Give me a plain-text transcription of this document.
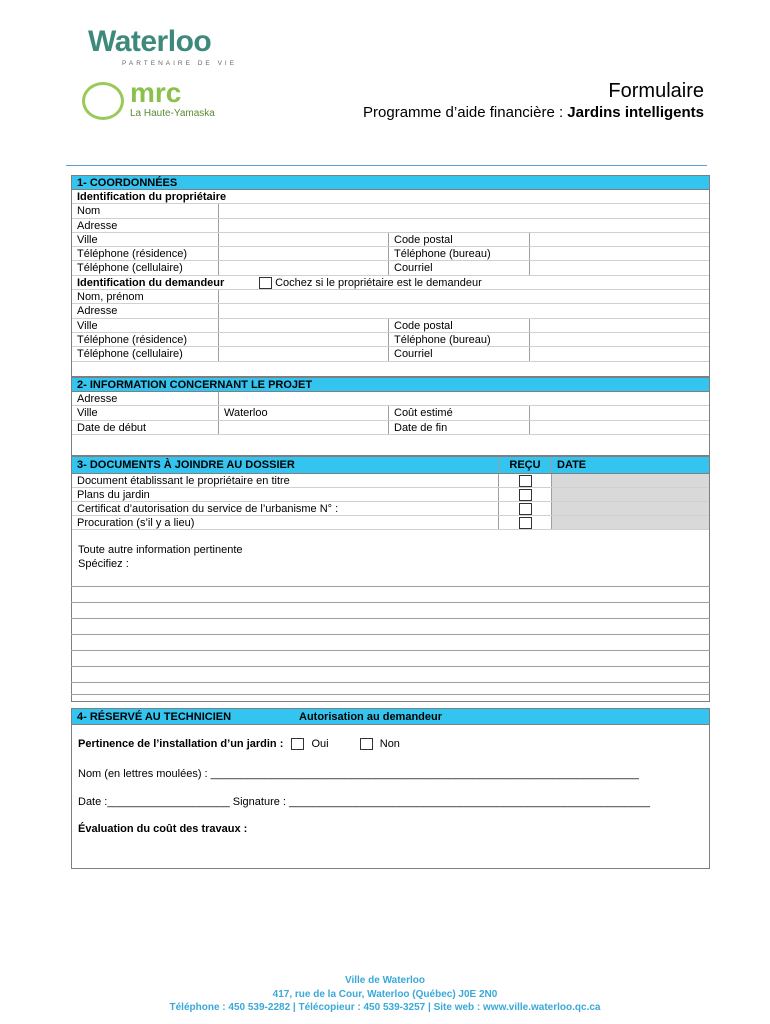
Waterloo
PARTENAIRE DE VIE
mrc
La Haute-Yamaska
Formulaire
Programme d’aide financière : Jardins intelligents
1- COORDONNÉES
Identification du propriétaire
Nom
Adresse
Ville	Code postal
Téléphone (résidence)	Téléphone (bureau)
Téléphone (cellulaire)	Courriel
Identification du demandeur	Cochez si le propriétaire est le demandeur
Nom, prénom
Adresse
Ville	Code postal
Téléphone (résidence)	Téléphone (bureau)
Téléphone (cellulaire)	Courriel
2- INFORMATION CONCERNANT LE PROJET
Adresse
Ville	Waterloo	Coût estimé
Date de début	Date de fin
3- DOCUMENTS À JOINDRE AU DOSSIER	REÇU	DATE
Document établissant le propriétaire en titre
Plans du jardin
Certificat d’autorisation du service de l’urbanisme N° :
Procuration (s’il y a lieu)
Toute autre information pertinente
Spécifiez :
4- RÉSERVÉ AU TECHNICIEN	Autorisation au demandeur
Pertinence de l’installation d’un jardin :	Oui	Non
Nom (en lettres moulées) : ______________________________________________________________________
Date :____________________ Signature : ___________________________________________________________
Évaluation du coût des travaux :
Ville de Waterloo
417, rue de la Cour, Waterloo (Québec) J0E 2N0
Téléphone : 450 539-2282 | Télécopieur : 450 539-3257 | Site web : www.ville.waterloo.qc.ca
